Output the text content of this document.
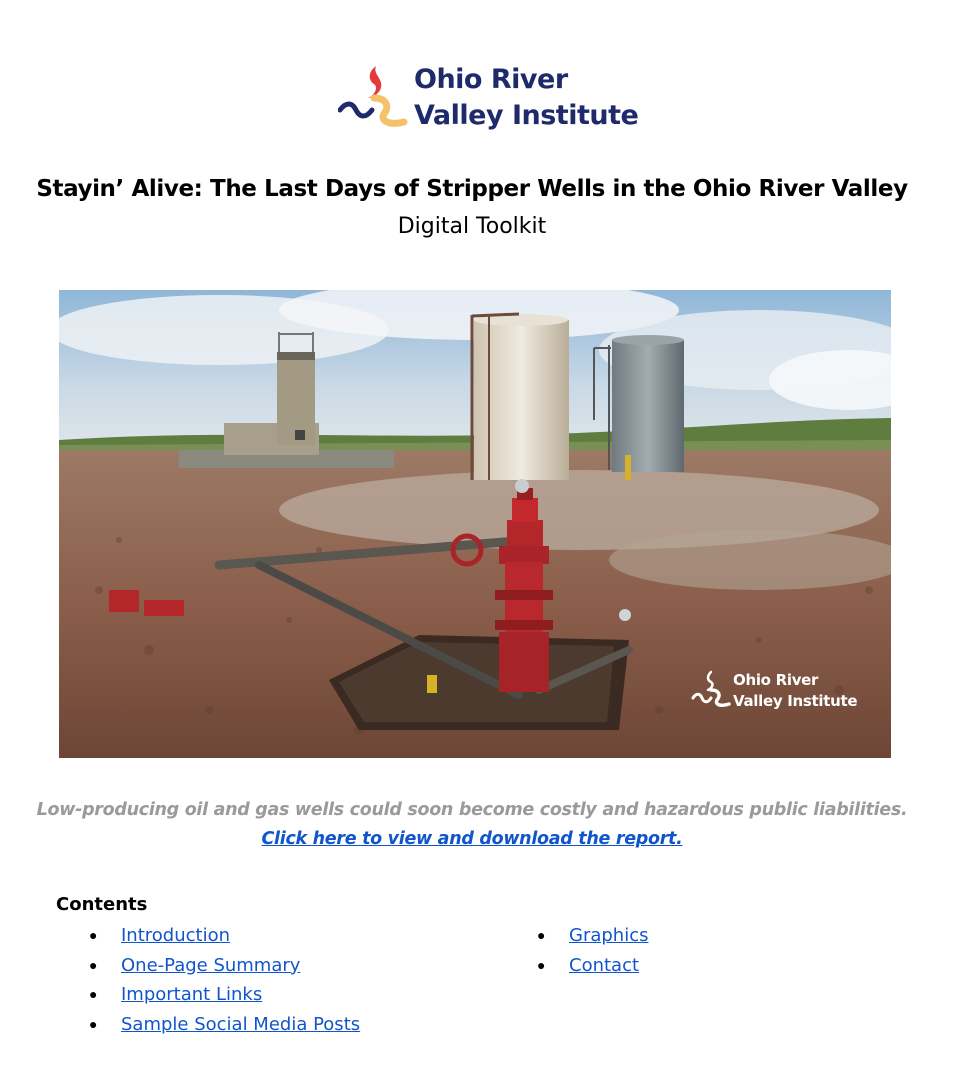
Ohio River
Valley Institute
Stayin’ Alive: The Last Days of Stripper Wells in the Ohio River Valley
Digital Toolkit
Ohio River
Valley Institute
Low-producing oil and gas wells could soon become costly and hazardous public liabilities.
Click here to view and download the report.
Contents
● Introduction
● One-Page Summary
● Important Links
● Sample Social Media Posts
● Graphics
● Contact
